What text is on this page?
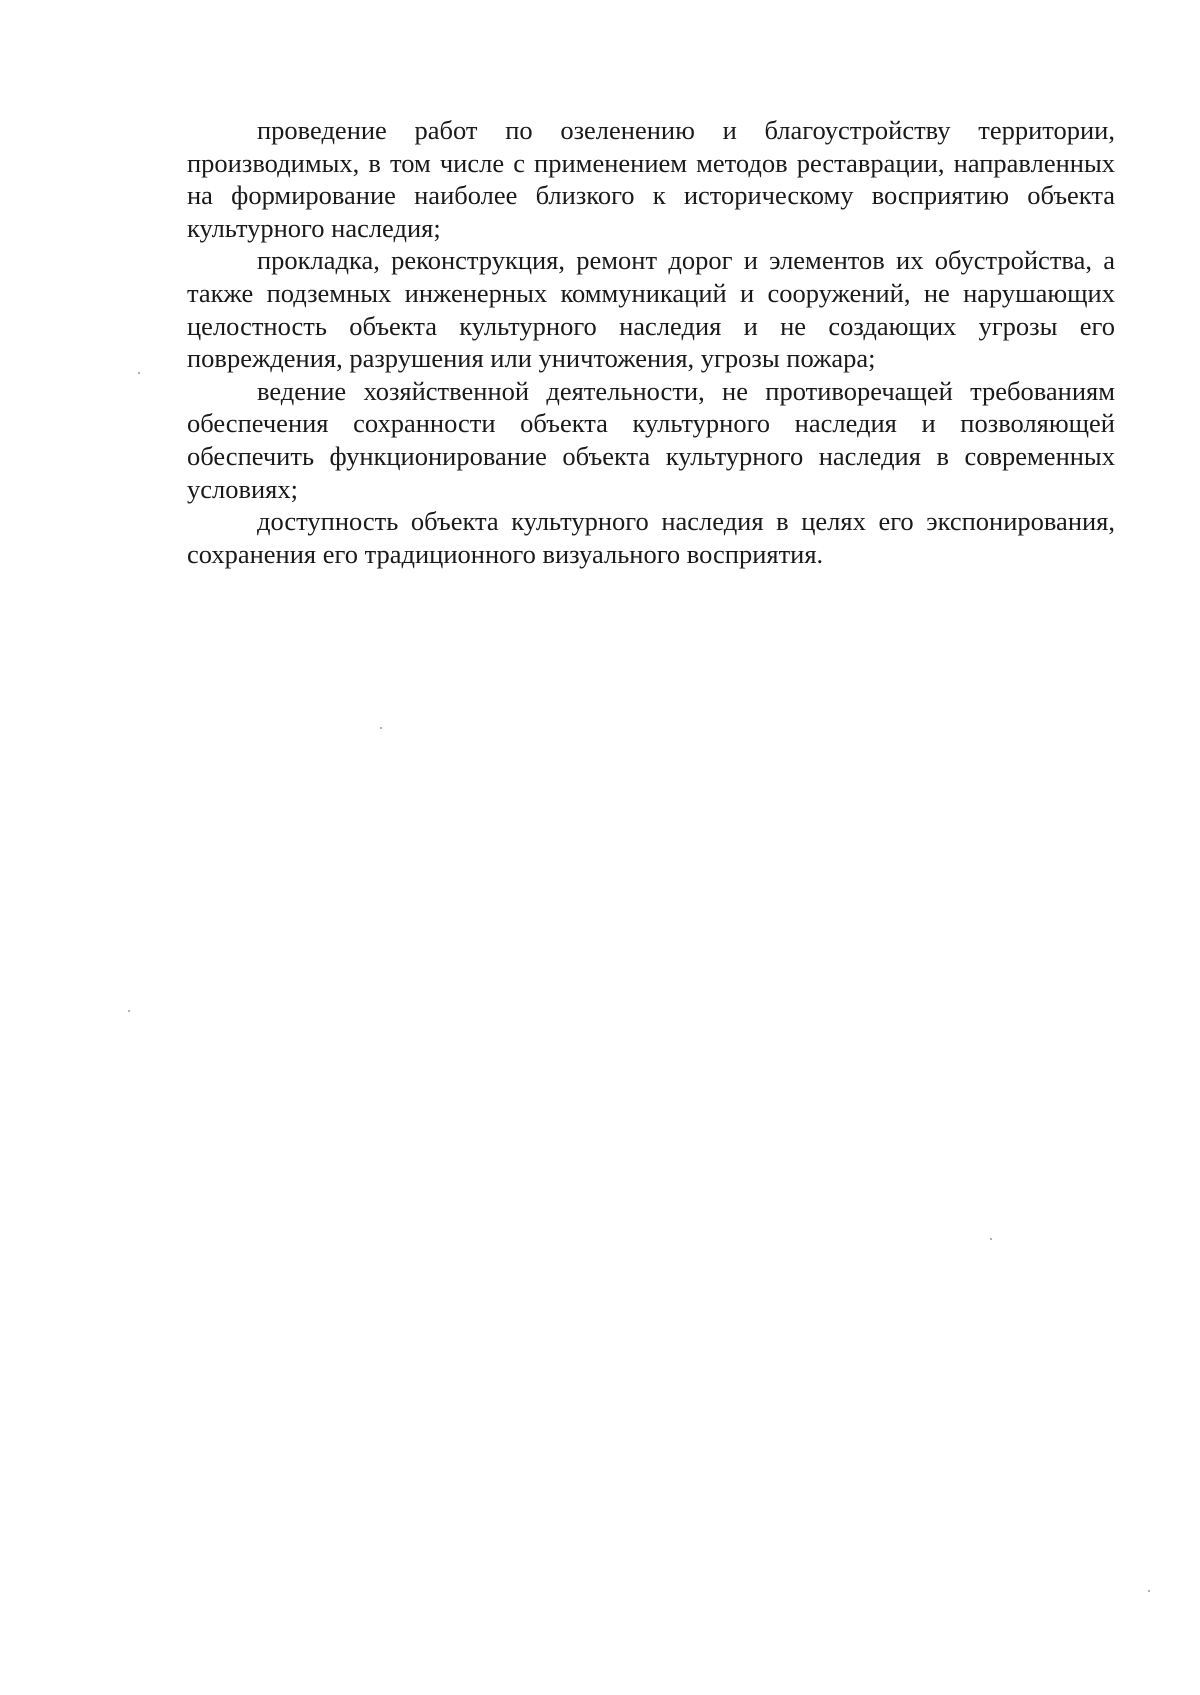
проведение работ по озеленению и благоустройству территории, производимых, в том числе с применением методов реставрации, направленных на формирование наиболее близкого к историческому восприятию объекта культурного наследия;

прокладка, реконструкция, ремонт дорог и элементов их обустройства, а также подземных инженерных коммуникаций и сооружений, не нарушающих целостность объекта культурного наследия и не создающих угрозы его повреждения, разрушения или уничтожения, угрозы пожара;

ведение хозяйственной деятельности, не противоречащей требованиям обеспечения сохранности объекта культурного наследия и позволяющей обеспечить функционирование объекта культурного наследия в современных условиях;

доступность объекта культурного наследия в целях его экспонирования, сохранения его традиционного визуального восприятия.
